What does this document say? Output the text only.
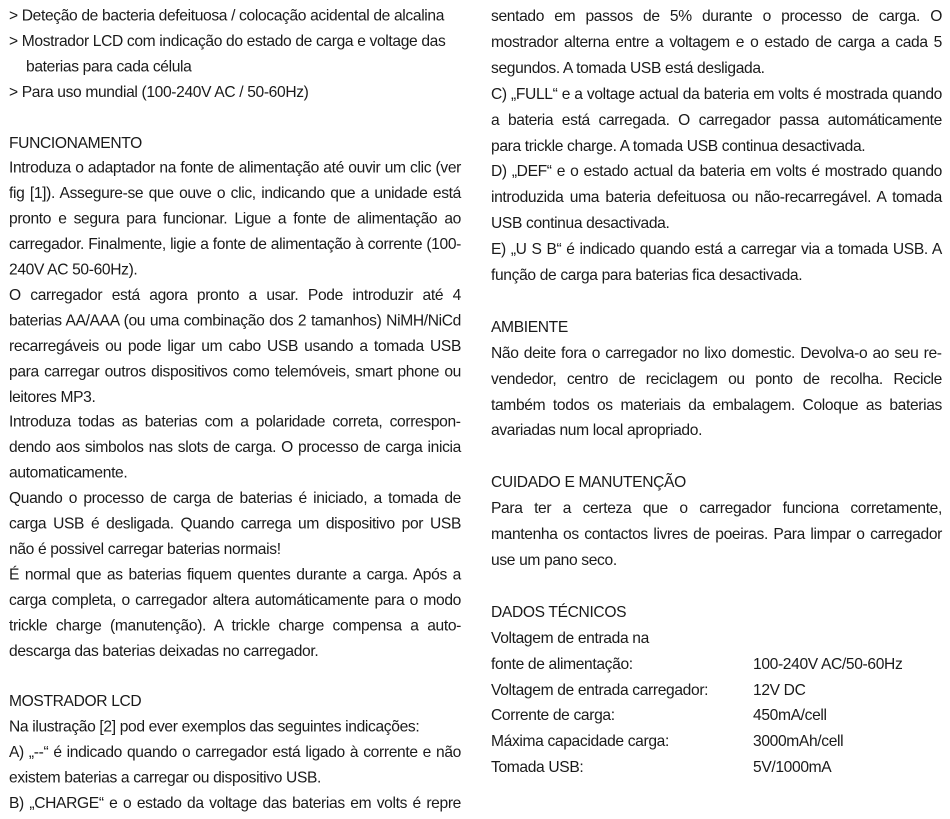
> Deteção de bacteria defeituosa / colocação acidental de alcalina

> Mostrador LCD com indicação do estado de carga e voltage das baterias para cada célula

> Para uso mundial (100-240V AC / 50-60Hz)

FUNCIONAMENTO

Introduza o adaptador na fonte de alimentação até ouvir um clic (ver fig [1]). Assegure-se que ouve o clic, indicando que a unidade está pronto e segura para funcionar. Ligue a fonte de alimentação ao carregador. Finalmente, ligie a fonte de alimentação à corrente (100-240V AC 50-60Hz).

O carregador está agora pronto a usar. Pode introduzir até 4 baterias AA/AAA (ou uma combinação dos 2 tamanhos) NiMH/NiCd recarregáveis ou pode ligar um cabo USB usando a tomada USB para carregar outros dispositivos como telemóveis, smart phone ou leitores MP3.

Introduza todas as baterias com a polaridade correta, correspondendo aos simbolos nas slots de carga. O processo de carga inicia automaticamente.

Quando o processo de carga de baterias é iniciado, a tomada de carga USB é desligada. Quando carrega um dispositivo por USB não é possivel carregar baterias normais!

É normal que as baterias fiquem quentes durante a carga. Após a carga completa, o carregador altera automáticamente para o modo trickle charge (manutenção). A trickle charge compensa a auto-descarga das baterias deixadas no carregador.

MOSTRADOR LCD

Na ilustração [2] pod ever exemplos das seguintes indicações:

A) „--“ é indicado quando o carregador está ligado à corrente e não existem baterias a carregar ou dispositivo USB.

B) „CHARGE“ e o estado da voltage das baterias em volts é repre

sentado em passos de 5% durante o processo de carga. O mostrador alterna entre a voltagem e o estado de carga a cada 5 segundos. A tomada USB está desligada.

C) „FULL“ e a voltage actual da bateria em volts é mostrada quando a bateria está carregada. O carregador passa automáticamente para trickle charge. A tomada USB continua desactivada.

D) „DEF“ e o estado actual da bateria em volts é mostrado quando introduzida uma bateria defeituosa ou não-recarregável. A tomada USB continua desactivada.

E) „U S B“ é indicado quando está a carregar via a tomada USB. A função de carga para baterias fica desactivada.

AMBIENTE

Não deite fora o carregador no lixo domestic. Devolva-o ao seu revendedor, centro de reciclagem ou ponto de recolha. Recicle também todos os materiais da embalagem. Coloque as baterias avariadas num local apropriado.

CUIDADO E MANUTENÇÃO

Para ter a certeza que o carregador funciona corretamente, mantenha os contactos livres de poeiras. Para limpar o carregador use um pano seco.

DADOS TÉCNICOS
Voltagem de entrada na	
fonte de alimentação:	100-240V AC/50-60Hz
Voltagem de entrada carregador:	12V DC
Corrente de carga:	450mA/cell
Máxima capacidade carga:	3000mAh/cell
Tomada USB:	5V/1000mA
